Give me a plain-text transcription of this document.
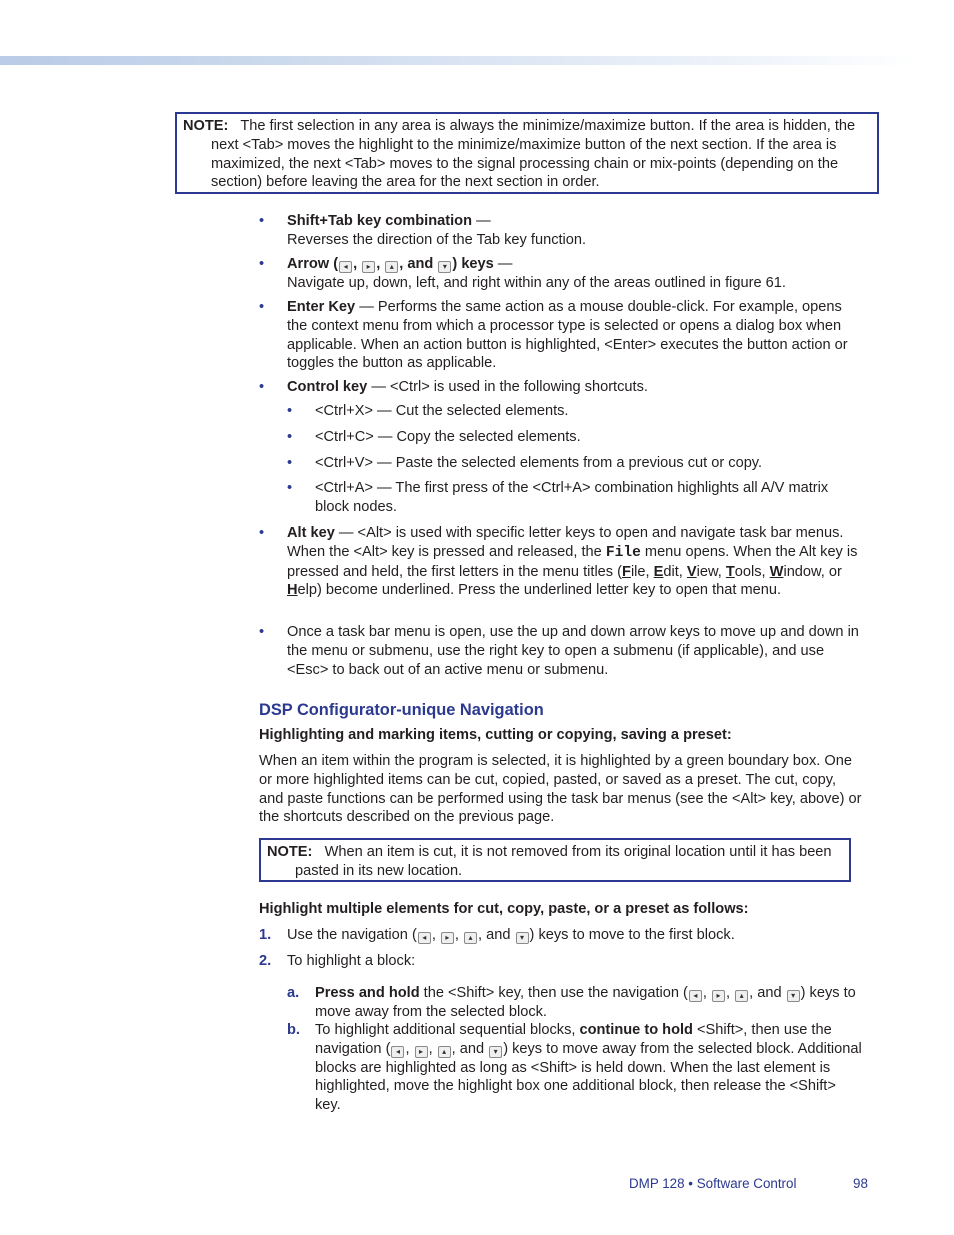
NOTE: The first selection in any area is always the minimize/maximize button. If the area is hidden, the next <Tab> moves the highlight to the minimize/maximize button of the next section. If the area is maximized, the next <Tab> moves to the signal processing chain or mix-points (depending on the section) before leaving the area for the next section in order.

• Shift+Tab key combination —
Reverses the direction of the Tab key function.
• Arrow ( ◂ , ▸ , ▴ , and ▾ ) keys —
Navigate up, down, left, and right within any of the areas outlined in figure 61.
• Enter Key — Performs the same action as a mouse double-click. For example, opens the context menu from which a processor type is selected or opens a dialog box when applicable. When an action button is highlighted, <Enter> executes the button action or toggles the button as applicable.
• Control key — <Ctrl> is used in the following shortcuts.
• <Ctrl+X> — Cut the selected elements.
• <Ctrl+C> — Copy the selected elements.
• <Ctrl+V> — Paste the selected elements from a previous cut or copy.
• <Ctrl+A> — The first press of the <Ctrl+A> combination highlights all A/V matrix block nodes.
• Alt key — <Alt> is used with specific letter keys to open and navigate task bar menus. When the <Alt> key is pressed and released, the File menu opens. When the Alt key is pressed and held, the first letters in the menu titles (File, Edit, View, Tools, Window, or Help) become underlined. Press the underlined letter key to open that menu.
• Once a task bar menu is open, use the up and down arrow keys to move up and down in the menu or submenu, use the right key to open a submenu (if applicable), and use <Esc> to back out of an active menu or submenu.
DSP Configurator-unique Navigation
Highlighting and marking items, cutting or copying, saving a preset:
When an item within the program is selected, it is highlighted by a green boundary box. One or more highlighted items can be cut, copied, pasted, or saved as a preset. The cut, copy, and paste functions can be performed using the task bar menus (see the <Alt> key, above) or the shortcuts described on the previous page.

NOTE: When an item is cut, it is not removed from its original location until it has been pasted in its new location.

Highlight multiple elements for cut, copy, paste, or a preset as follows:
1. Use the navigation ( ◂ , ▸ , ▴ , and ▾ ) keys to move to the first block.
2. To highlight a block:
a. Press and hold the <Shift> key, then use the navigation ( ◂ , ▸ , ▴ , and ▾ ) keys to move away from the selected block.
b. To highlight additional sequential blocks, continue to hold <Shift>, then use the navigation ( ◂ , ▸ , ▴ , and ▾ ) keys to move away from the selected block. Additional blocks are highlighted as long as <Shift> is held down. When the last element is highlighted, move the highlight box one additional block, then release the <Shift> key.
DMP 128 • Software Control	98
